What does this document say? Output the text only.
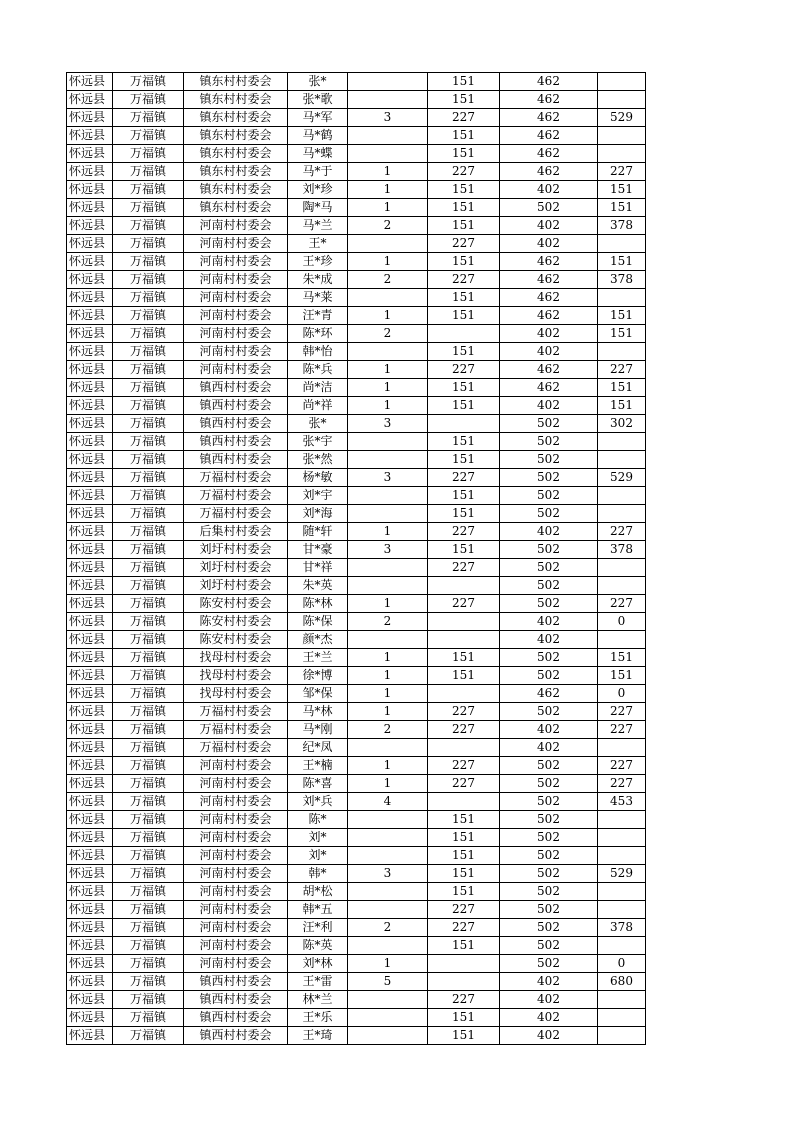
怀远县	万福镇	镇东村村委会	张*		151	462	
怀远县	万福镇	镇东村村委会	张*歌		151	462	
怀远县	万福镇	镇东村村委会	马*军	3	227	462	529
怀远县	万福镇	镇东村村委会	马*鹤		151	462	
怀远县	万福镇	镇东村村委会	马*蝶		151	462	
怀远县	万福镇	镇东村村委会	马*于	1	227	462	227
怀远县	万福镇	镇东村村委会	刘*珍	1	151	402	151
怀远县	万福镇	镇东村村委会	陶*马	1	151	502	151
怀远县	万福镇	河南村村委会	马*兰	2	151	402	378
怀远县	万福镇	河南村村委会	王*		227	402	
怀远县	万福镇	河南村村委会	王*珍	1	151	462	151
怀远县	万福镇	河南村村委会	朱*成	2	227	462	378
怀远县	万福镇	河南村村委会	马*莱		151	462	
怀远县	万福镇	河南村村委会	汪*青	1	151	462	151
怀远县	万福镇	河南村村委会	陈*环	2		402	151
怀远县	万福镇	河南村村委会	韩*怡		151	402	
怀远县	万福镇	河南村村委会	陈*兵	1	227	462	227
怀远县	万福镇	镇西村村委会	尚*洁	1	151	462	151
怀远县	万福镇	镇西村村委会	尚*祥	1	151	402	151
怀远县	万福镇	镇西村村委会	张*	3		502	302
怀远县	万福镇	镇西村村委会	张*宇		151	502	
怀远县	万福镇	镇西村村委会	张*然		151	502	
怀远县	万福镇	万福村村委会	杨*敏	3	227	502	529
怀远县	万福镇	万福村村委会	刘*宇		151	502	
怀远县	万福镇	万福村村委会	刘*海		151	502	
怀远县	万福镇	后集村村委会	随*轩	1	227	402	227
怀远县	万福镇	刘圩村村委会	甘*豪	3	151	502	378
怀远县	万福镇	刘圩村村委会	甘*祥		227	502	
怀远县	万福镇	刘圩村村委会	朱*英			502	
怀远县	万福镇	陈安村村委会	陈*林	1	227	502	227
怀远县	万福镇	陈安村村委会	陈*保	2		402	0
怀远县	万福镇	陈安村村委会	颜*杰			402	
怀远县	万福镇	找母村村委会	王*兰	1	151	502	151
怀远县	万福镇	找母村村委会	徐*博	1	151	502	151
怀远县	万福镇	找母村村委会	邹*保	1		462	0
怀远县	万福镇	万福村村委会	马*林	1	227	502	227
怀远县	万福镇	万福村村委会	马*刚	2	227	402	227
怀远县	万福镇	万福村村委会	纪*凤			402	
怀远县	万福镇	河南村村委会	王*楠	1	227	502	227
怀远县	万福镇	河南村村委会	陈*喜	1	227	502	227
怀远县	万福镇	河南村村委会	刘*兵	4		502	453
怀远县	万福镇	河南村村委会	陈*		151	502	
怀远县	万福镇	河南村村委会	刘*		151	502	
怀远县	万福镇	河南村村委会	刘*		151	502	
怀远县	万福镇	河南村村委会	韩*	3	151	502	529
怀远县	万福镇	河南村村委会	胡*松		151	502	
怀远县	万福镇	河南村村委会	韩*五		227	502	
怀远县	万福镇	河南村村委会	汪*利	2	227	502	378
怀远县	万福镇	河南村村委会	陈*英		151	502	
怀远县	万福镇	河南村村委会	刘*林	1		502	0
怀远县	万福镇	镇西村村委会	王*雷	5		402	680
怀远县	万福镇	镇西村村委会	林*兰		227	402	
怀远县	万福镇	镇西村村委会	王*乐		151	402	
怀远县	万福镇	镇西村村委会	王*琦		151	402	
